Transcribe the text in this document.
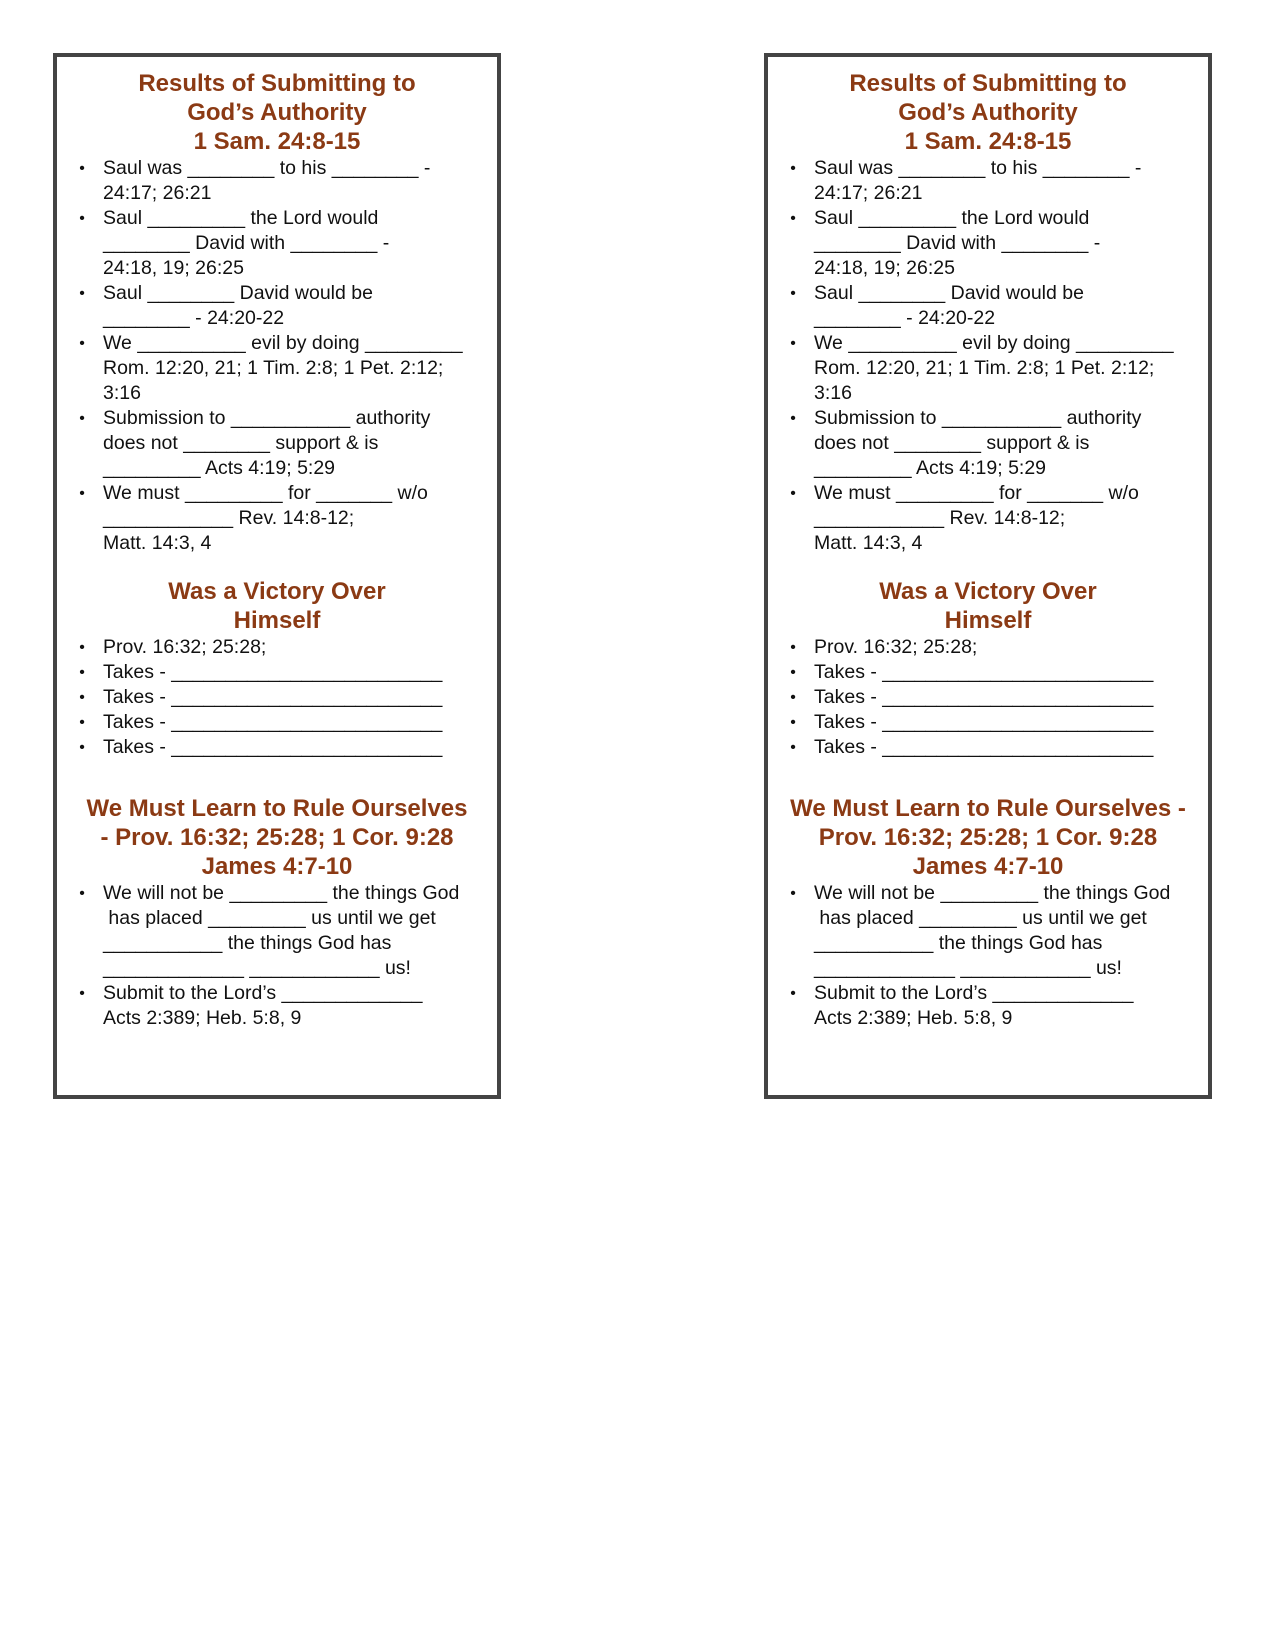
Results of Submitting to
God’s Authority
1 Sam. 24:8-15
• Saul was ________ to his ________ -
24:17; 26:21
• Saul _________ the Lord would
________ David with ________ -
24:18, 19; 26:25
• Saul ________ David would be
________ - 24:20-22
• We __________ evil by doing _________
Rom. 12:20, 21; 1 Tim. 2:8; 1 Pet. 2:12;
3:16
• Submission to ___________ authority
does not ________ support & is
_________ Acts 4:19; 5:29
• We must _________ for _______ w/o
____________ Rev. 14:8-12;
Matt. 14:3, 4
Was a Victory Over
Himself
• Prov. 16:32; 25:28;
• Takes - _________________________
• Takes - _________________________
• Takes - _________________________
• Takes - _________________________
We Must Learn to Rule Ourselves
- Prov. 16:32; 25:28; 1 Cor. 9:28
James 4:7-10
• We will not be _________ the things God
has placed _________ us until we get
___________ the things God has
_____________ ____________ us!
• Submit to the Lord’s _____________
Acts 2:389; Heb. 5:8, 9
Results of Submitting to
God’s Authority
1 Sam. 24:8-15
• Saul was ________ to his ________ -
24:17; 26:21
• Saul _________ the Lord would
________ David with ________ -
24:18, 19; 26:25
• Saul ________ David would be
________ - 24:20-22
• We __________ evil by doing _________
Rom. 12:20, 21; 1 Tim. 2:8; 1 Pet. 2:12;
3:16
• Submission to ___________ authority
does not ________ support & is
_________ Acts 4:19; 5:29
• We must _________ for _______ w/o
____________ Rev. 14:8-12;
Matt. 14:3, 4
Was a Victory Over
Himself
• Prov. 16:32; 25:28;
• Takes - _________________________
• Takes - _________________________
• Takes - _________________________
• Takes - _________________________
We Must Learn to Rule Ourselves -
Prov. 16:32; 25:28; 1 Cor. 9:28
James 4:7-10
• We will not be _________ the things God
has placed _________ us until we get
___________ the things God has
_____________ ____________ us!
• Submit to the Lord’s _____________
Acts 2:389; Heb. 5:8, 9
